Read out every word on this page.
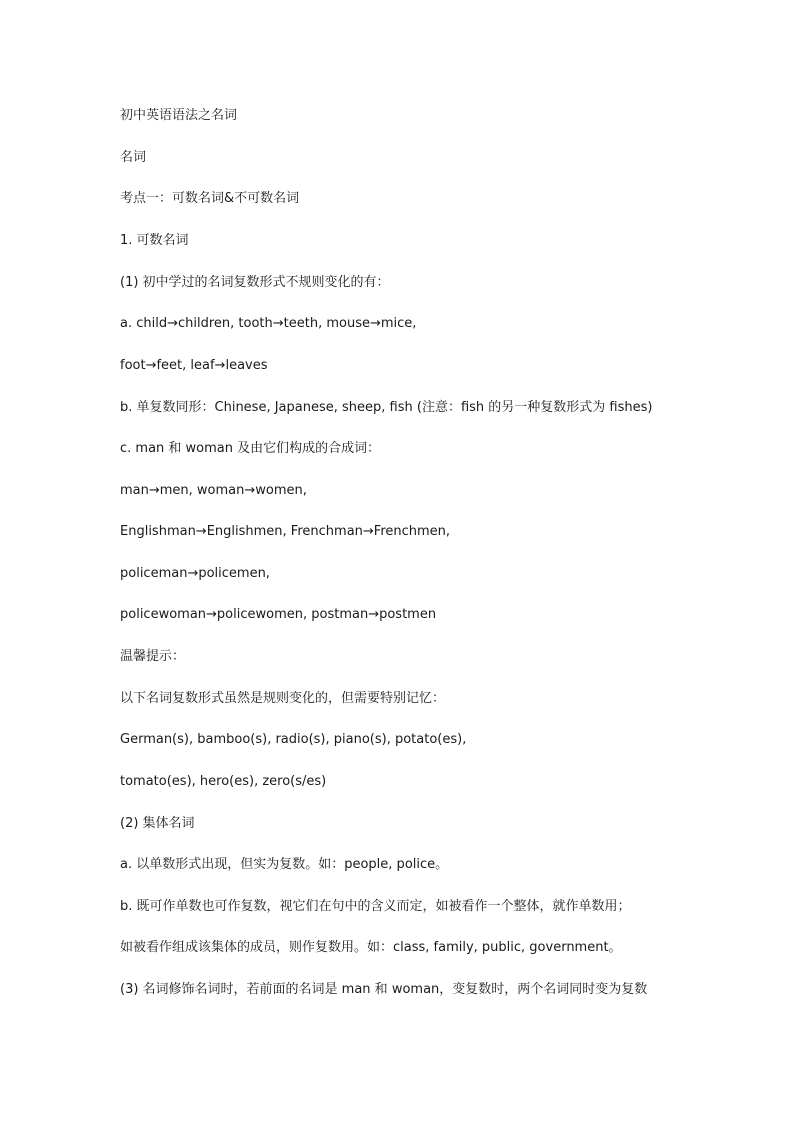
初中英语语法之名词
名词
考点一：可数名词&不可数名词
1. 可数名词
(1) 初中学过的名词复数形式不规则变化的有：
a. child→children, tooth→teeth, mouse→mice,
foot→feet, leaf→leaves
b. 单复数同形：Chinese, Japanese, sheep, fish (注意：fish 的另一种复数形式为 fishes)
c. man 和 woman 及由它们构成的合成词：
man→men, woman→women,
Englishman→Englishmen, Frenchman→Frenchmen,
policeman→policemen,
policewoman→policewomen, postman→postmen
温馨提示：
以下名词复数形式虽然是规则变化的，但需要特别记忆：
German(s), bamboo(s), radio(s), piano(s), potato(es),
tomato(es), hero(es), zero(s/es)
(2) 集体名词
a. 以单数形式出现，但实为复数。如：people, police。
b. 既可作单数也可作复数，视它们在句中的含义而定，如被看作一个整体，就作单数用；
如被看作组成该集体的成员，则作复数用。如：class, family, public, government。
(3) 名词修饰名词时，若前面的名词是 man 和 woman，变复数时，两个名词同时变为复数
